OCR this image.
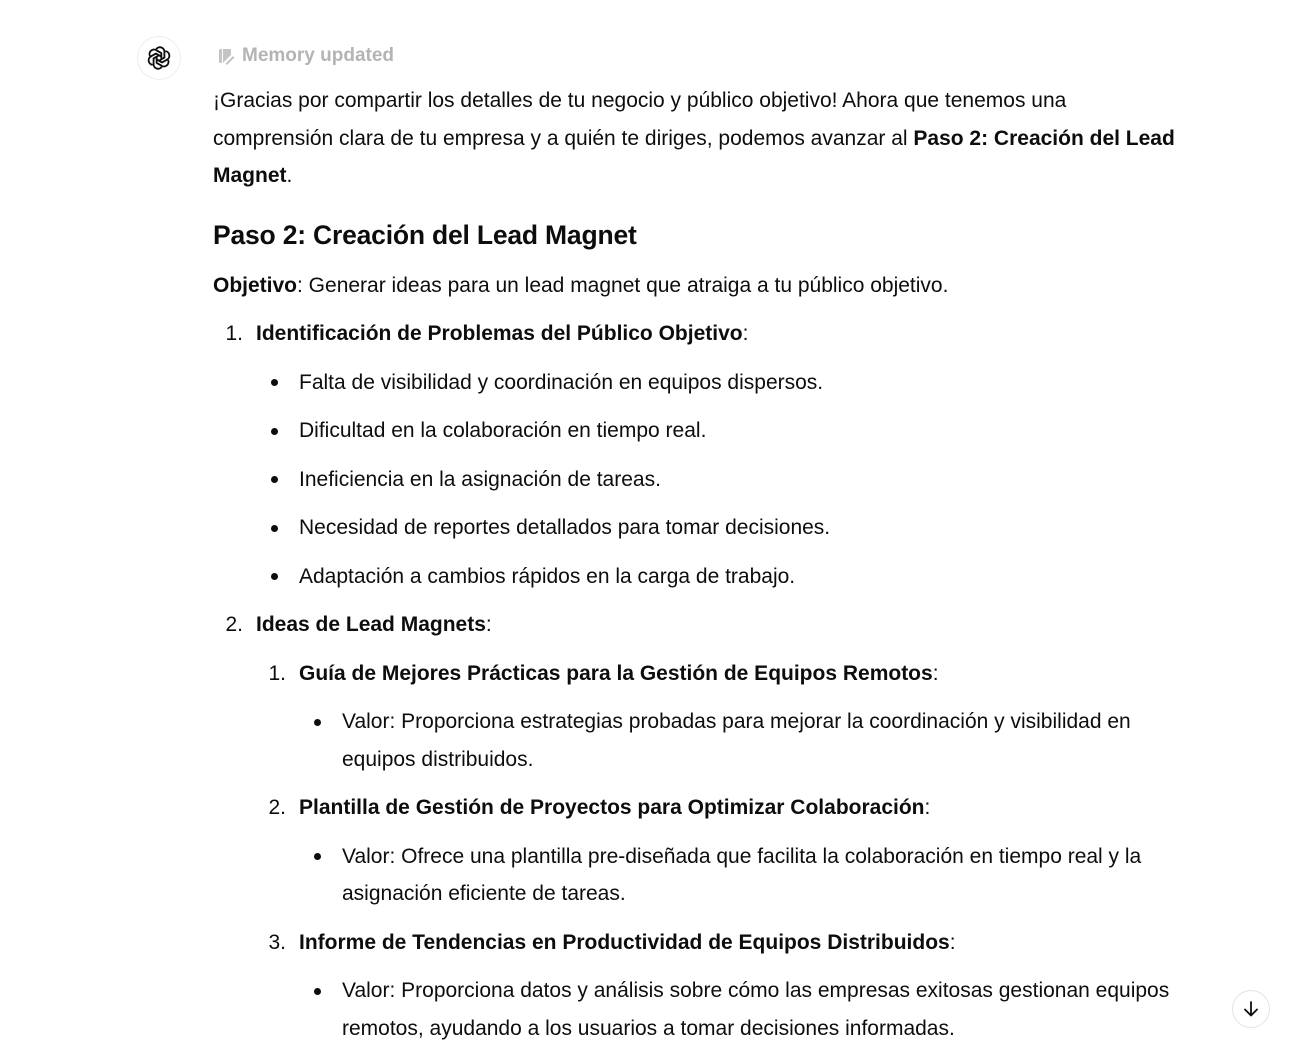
Memory updated

¡Gracias por compartir los detalles de tu negocio y público objetivo! Ahora que tenemos una comprensión clara de tu empresa y a quién te diriges, podemos avanzar al Paso 2: Creación del Lead Magnet.

Paso 2: Creación del Lead Magnet

Objetivo: Generar ideas para un lead magnet que atraiga a tu público objetivo.

1. Identificación de Problemas del Público Objetivo:
Falta de visibilidad y coordinación en equipos dispersos.
Dificultad en la colaboración en tiempo real.
Ineficiencia en la asignación de tareas.
Necesidad de reportes detallados para tomar decisiones.
Adaptación a cambios rápidos en la carga de trabajo.
2. Ideas de Lead Magnets:
1. Guía de Mejores Prácticas para la Gestión de Equipos Remotos:
Valor: Proporciona estrategias probadas para mejorar la coordinación y visibilidad en equipos distribuidos.
2. Plantilla de Gestión de Proyectos para Optimizar Colaboración:
Valor: Ofrece una plantilla pre-diseñada que facilita la colaboración en tiempo real y la asignación eficiente de tareas.
3. Informe de Tendencias en Productividad de Equipos Distribuidos:
Valor: Proporciona datos y análisis sobre cómo las empresas exitosas gestionan equipos remotos, ayudando a los usuarios a tomar decisiones informadas.
